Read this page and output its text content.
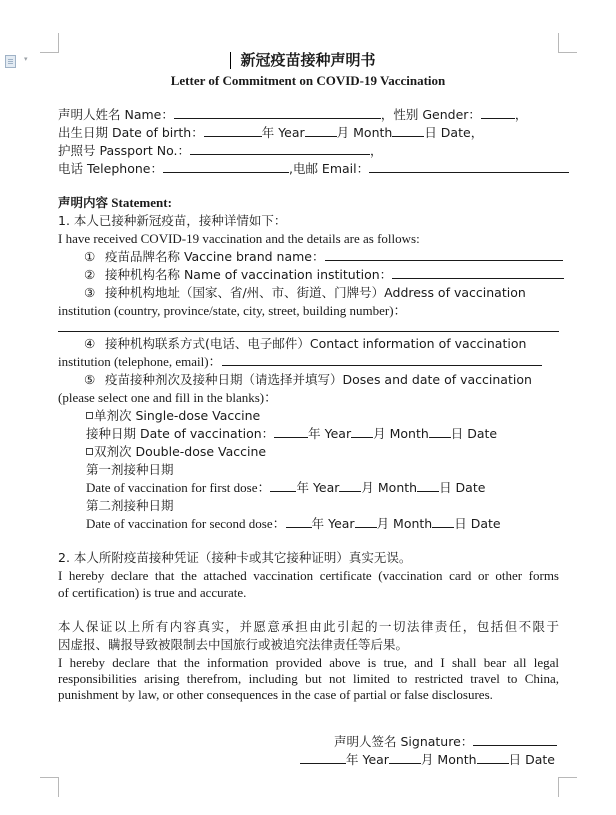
▾	新冠疫苗接种声明书
Letter of Commitment on COVID-19 Vaccination
声明人姓名 Name：	，性别 Gender：	，
出生日期 Date of birth：	年 Year	月 Month	日 Date，
护照号 Passport No.：	，
电话 Telephone：	,电邮 Email：
声明内容 Statement:
1. 本人已接种新冠疫苗，接种详情如下：
I have received COVID-19 vaccination and the details are as follows:
① 疫苗品牌名称 Vaccine brand name：
② 接种机构名称 Name of vaccination institution：
③ 接种机构地址（国家、省/州、市、街道、门牌号）Address of vaccination
institution (country, province/state, city, street, building number)：
④ 接种机构联系方式(电话、电子邮件）Contact information of vaccination
institution (telephone, email)：
⑤ 疫苗接种剂次及接种日期（请选择并填写）Doses and date of vaccination
(please select one and fill in the blanks)：
单剂次 Single-dose Vaccine
接种日期 Date of vaccination：	年 Year 月 Month 日 Date
双剂次 Double-dose Vaccine
第一剂接种日期
Date of vaccination for first dose： 年 Year 月 Month 日 Date
第二剂接种日期
Date of vaccination for second dose： 年 Year 月 Month 日 Date
2. 本人所附疫苗接种凭证（接种卡或其它接种证明）真实无误。
I hereby declare that the attached vaccination certificate (vaccination card or other forms
of certification) is true and accurate.
本人保证以上所有内容真实，并愿意承担由此引起的一切法律责任，包括但不限于
因虚报、瞒报导致被限制去中国旅行或被追究法律责任等后果。
I hereby declare that the information provided above is true, and I shall bear all legal
responsibilities arising therefrom, including but not limited to restricted travel to China,
punishment by law, or other consequences in the case of partial or false disclosures.
声明人签名 Signature：
年 Year	月 Month	日 Date
